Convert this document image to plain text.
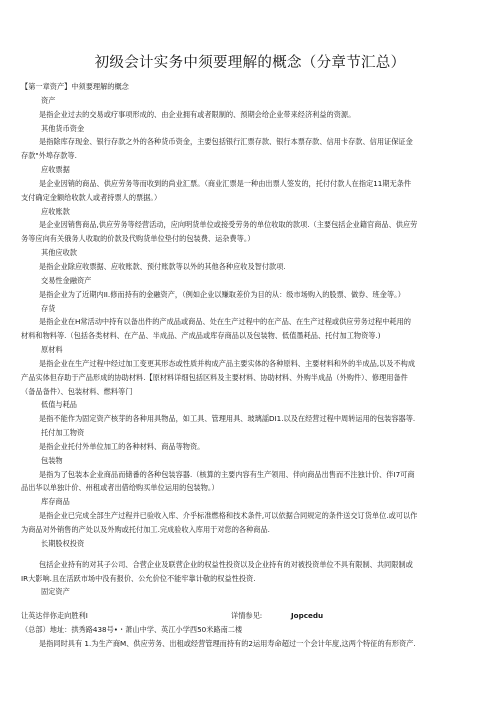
初级会计实务中须要理解的概念（分章节汇总）
【第一章资产】中须要理解的概念
资产
是指企业过去的交易或疗事项形成的、由企业拥有或者限制的、预期会给企业带来经济利益的资源。
其他货币资金
是指除库存现金、银行存款之外的各种货币资金，主要包括银行汇票存款、银行本票存款、信用卡存款、信用证保证金
存款"外埠存款等.
应收票据
是企业因销的商品、供应劳务等而收到的尚业汇票。（商业汇票是一种由出票人签发的，托付付款人在指定11期无条件
支付确定金额给收款人或者持票人的票据。）
应收账款
是企业因销售商品,供应劳务等经营活动，应向明货单位或接受劳务的单位收取的款项.（主要包括企业籍官商品、供应劳
务等应向有关俄务人收取的价款及代购货单位垫付的包装费、运杂费等。）
其他应收款
是指企业除应收票据、应收账款、预付账款等以外的其他各种应收及智付款项.
交易性金融资产
是指企业为了近期内II.修而持有的金融资产，（例如企业以赚取差价为目的从：级市场购入的股票、做券、班金等。）
存货
是指企业在H常活动中持有以备出件的产成品或商品、处在生产过程中的在产品、在生产过程或供应劳务过程中耗用的
材料和物料等.（包括各类材料、在产品、半成品、产成品或库存商品以及包装物、低值墨耗品、托付加工物资等.)
原材料
是指企业在生产过程中经过加工变更其形态或性质并构成产品主要实体的各种原料、主要材料和外的半成品,以及不构成
产品实体但存助于产品形成的协助材料.【原材料详细包括区料及主要材料、协助材料、外购半成品（外购件）、修理用备件
（备品备件）、包装材料、燃料等门
低值与耗品
是指不能作为固定资产核芽的各种用具物品，如工具、管理用具、玻璃謡DI1.以及在经营过程中周转运用的包装容器等.
托付加工物资
是指企业托付外单位加工的各种材料、商品等物资。
包装物
是指为了包装本企业商品而储番的各种包装容器.（核算的主要内容有生产领用、伴向商品出售而不注独计价、伴I7可商
品出华以单独计价、州租或者出借给购买单位运用的包装物。）
库存商品
是指企业已完成全部生产过程并已验收入库、介乎标准燃格和技术条件,可以依据合同规定的条件送交订货单位.或可以作
为商品对外销售的产处以及外购或托付加工.完成验收入库用于对您的各种商品.
长期股权投资
包括企业持有的对其子公司、合营企业及联营企业的权益性投资以及企业持有的对被投资单位不具有限制、共同限制或
IR大影响.且在活跃市场中没有报价、公允价位不能牢靠计敬的权益性投资.
固定资产
让英达伴你走向胜利I	详情参见:	Jopcedu
（总部）地址：拱秀路438号•・萧山中学、英江小学西50米路南二楼
是指同时具有 1.为生产商M、供应劳务、出租或经营管理而持有的2运用寿命超过一个会计年度,这两个特征的有形资产.
